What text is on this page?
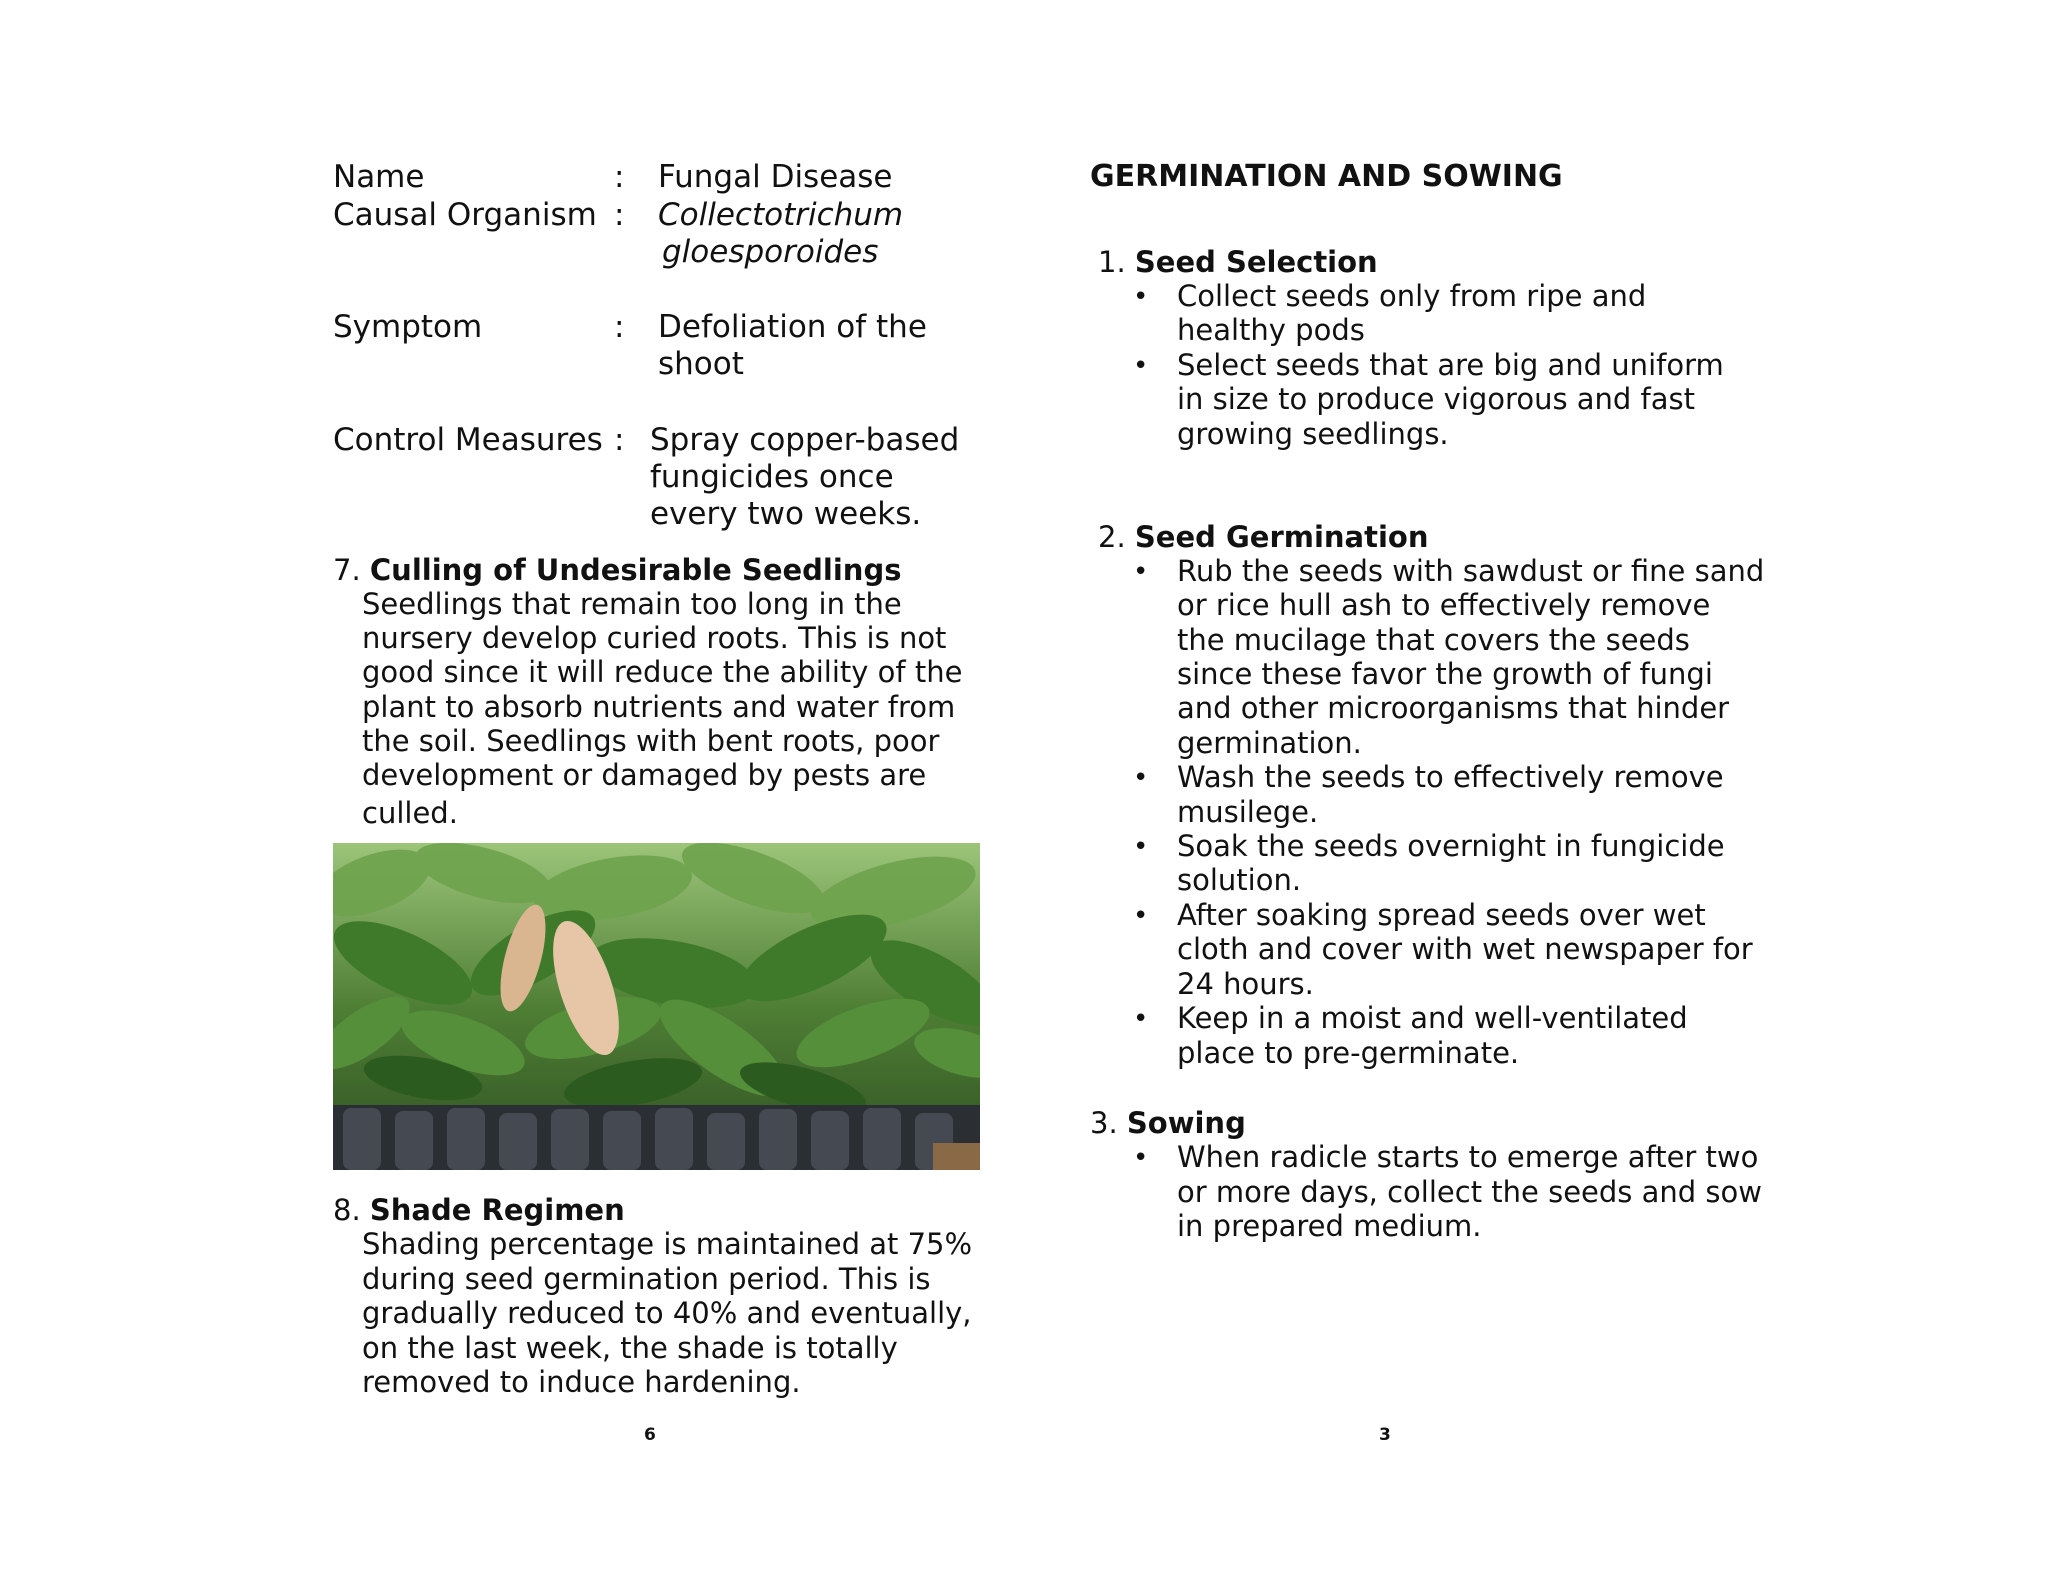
Name	: Fungal Disease
Causal Organism : Collectotrichum
gloesporoides
Symptom	: Defoliation of the
shoot
Control Measures : Spray copper-based
fungicides once
every two weeks.
7. Culling of Undesirable Seedlings
Seedlings that remain too long in the
nursery develop curied roots. This is not
good since it will reduce the ability of the
plant to absorb nutrients and water from
the soil. Seedlings with bent roots, poor
development or damaged by pests are
culled.
8. Shade Regimen
Shading percentage is maintained at 75%
during seed germination period. This is
gradually reduced to 40% and eventually,
on the last week, the shade is totally
removed to induce hardening.
6
GERMINATION AND SOWING
1. Seed Selection
• Collect seeds only from ripe and
healthy pods
• Select seeds that are big and uniform
in size to produce vigorous and fast
growing seedlings.
2. Seed Germination
• Rub the seeds with sawdust or fine sand
or rice hull ash to effectively remove
the mucilage that covers the seeds
since these favor the growth of fungi
and other microorganisms that hinder
germination.
• Wash the seeds to effectively remove
musilege.
• Soak the seeds overnight in fungicide
solution.
• After soaking spread seeds over wet
cloth and cover with wet newspaper for
24 hours.
• Keep in a moist and well-ventilated
place to pre-germinate.
3. Sowing
• When radicle starts to emerge after two
or more days, collect the seeds and sow
in prepared medium.
3
